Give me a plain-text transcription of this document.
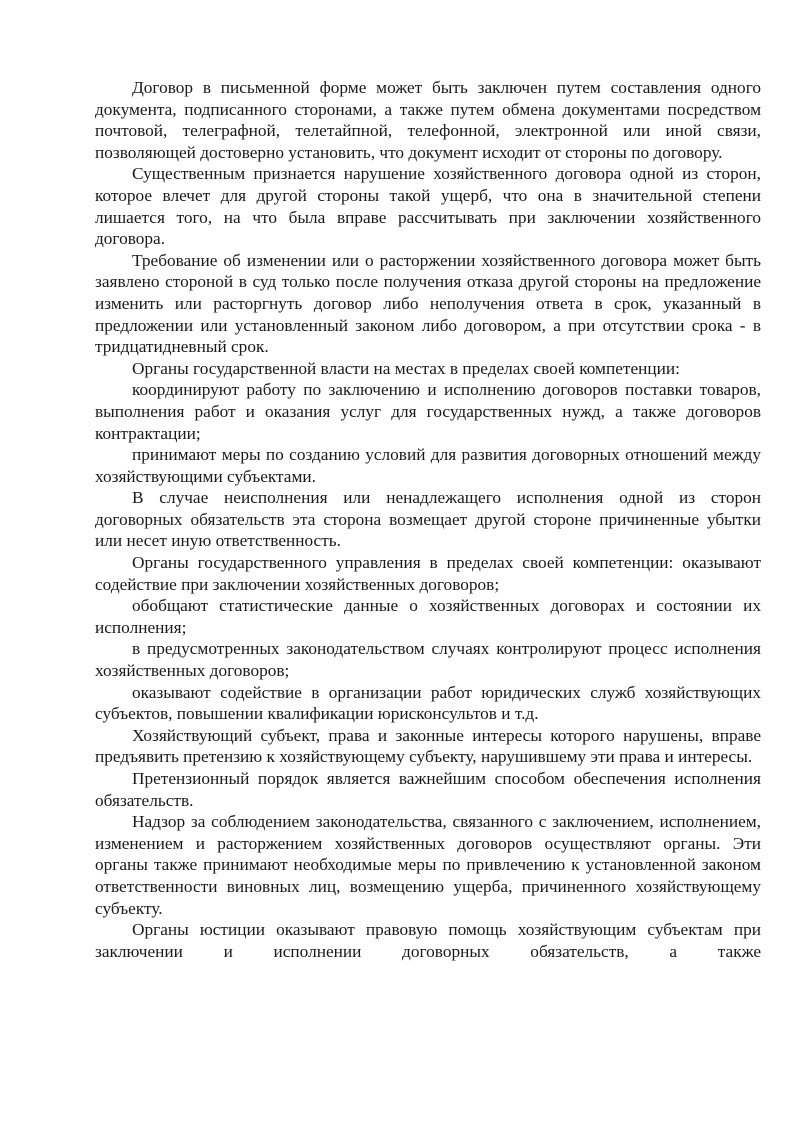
Договор в письменной форме может быть заключен путем составления одного документа, подписанного сторонами, а также путем обмена документами посредством почтовой, телеграфной, телетайпной, телефонной, электронной или иной связи, позволяющей достоверно установить, что документ исходит от стороны по договору.

Существенным признается нарушение хозяйственного договора одной из сторон, которое влечет для другой стороны такой ущерб, что она в значительной степени лишается того, на что была вправе рассчитывать при заключении хозяйственного договора.

Требование об изменении или о расторжении хозяйственного договора может быть заявлено стороной в суд только после получения отказа другой стороны на предложение изменить или расторгнуть договор либо неполучения ответа в срок, указанный в предложении или установленный законом либо договором, а при отсутствии срока - в тридцатидневный срок.

Органы государственной власти на местах в пределах своей компетенции:

координируют работу по заключению и исполнению договоров поставки товаров, выполнения работ и оказания услуг для государственных нужд, а также договоров контрактации;

принимают меры по созданию условий для развития договорных отношений между хозяйствующими субъектами.

В случае неисполнения или ненадлежащего исполнения одной из сторон договорных обязательств эта сторона возмещает другой стороне причиненные убытки или несет иную ответственность.

Органы государственного управления в пределах своей компетенции: оказывают содействие при заключении хозяйственных договоров;

обобщают статистические данные о хозяйственных договорах и состоянии их исполнения;

в предусмотренных законодательством случаях контролируют процесс исполнения хозяйственных договоров;

оказывают содействие в организации работ юридических служб хозяйствующих субъектов, повышении квалификации юрисконсультов и т.д.

Хозяйствующий субъект, права и законные интересы которого нарушены, вправе предъявить претензию к хозяйствующему субъекту, нарушившему эти права и интересы.

Претензионный порядок является важнейшим способом обеспечения исполнения обязательств.

Надзор за соблюдением законодательства, связанного с заключением, исполнением, изменением и расторжением хозяйственных договоров осуществляют органы. Эти органы также принимают необходимые меры по привлечению к установленной законом ответственности виновных лиц, возмещению ущерба, причиненного хозяйствующему субъекту.

Органы юстиции оказывают правовую помощь хозяйствующим субъектам при заключении и исполнении договорных обязательств, а также
